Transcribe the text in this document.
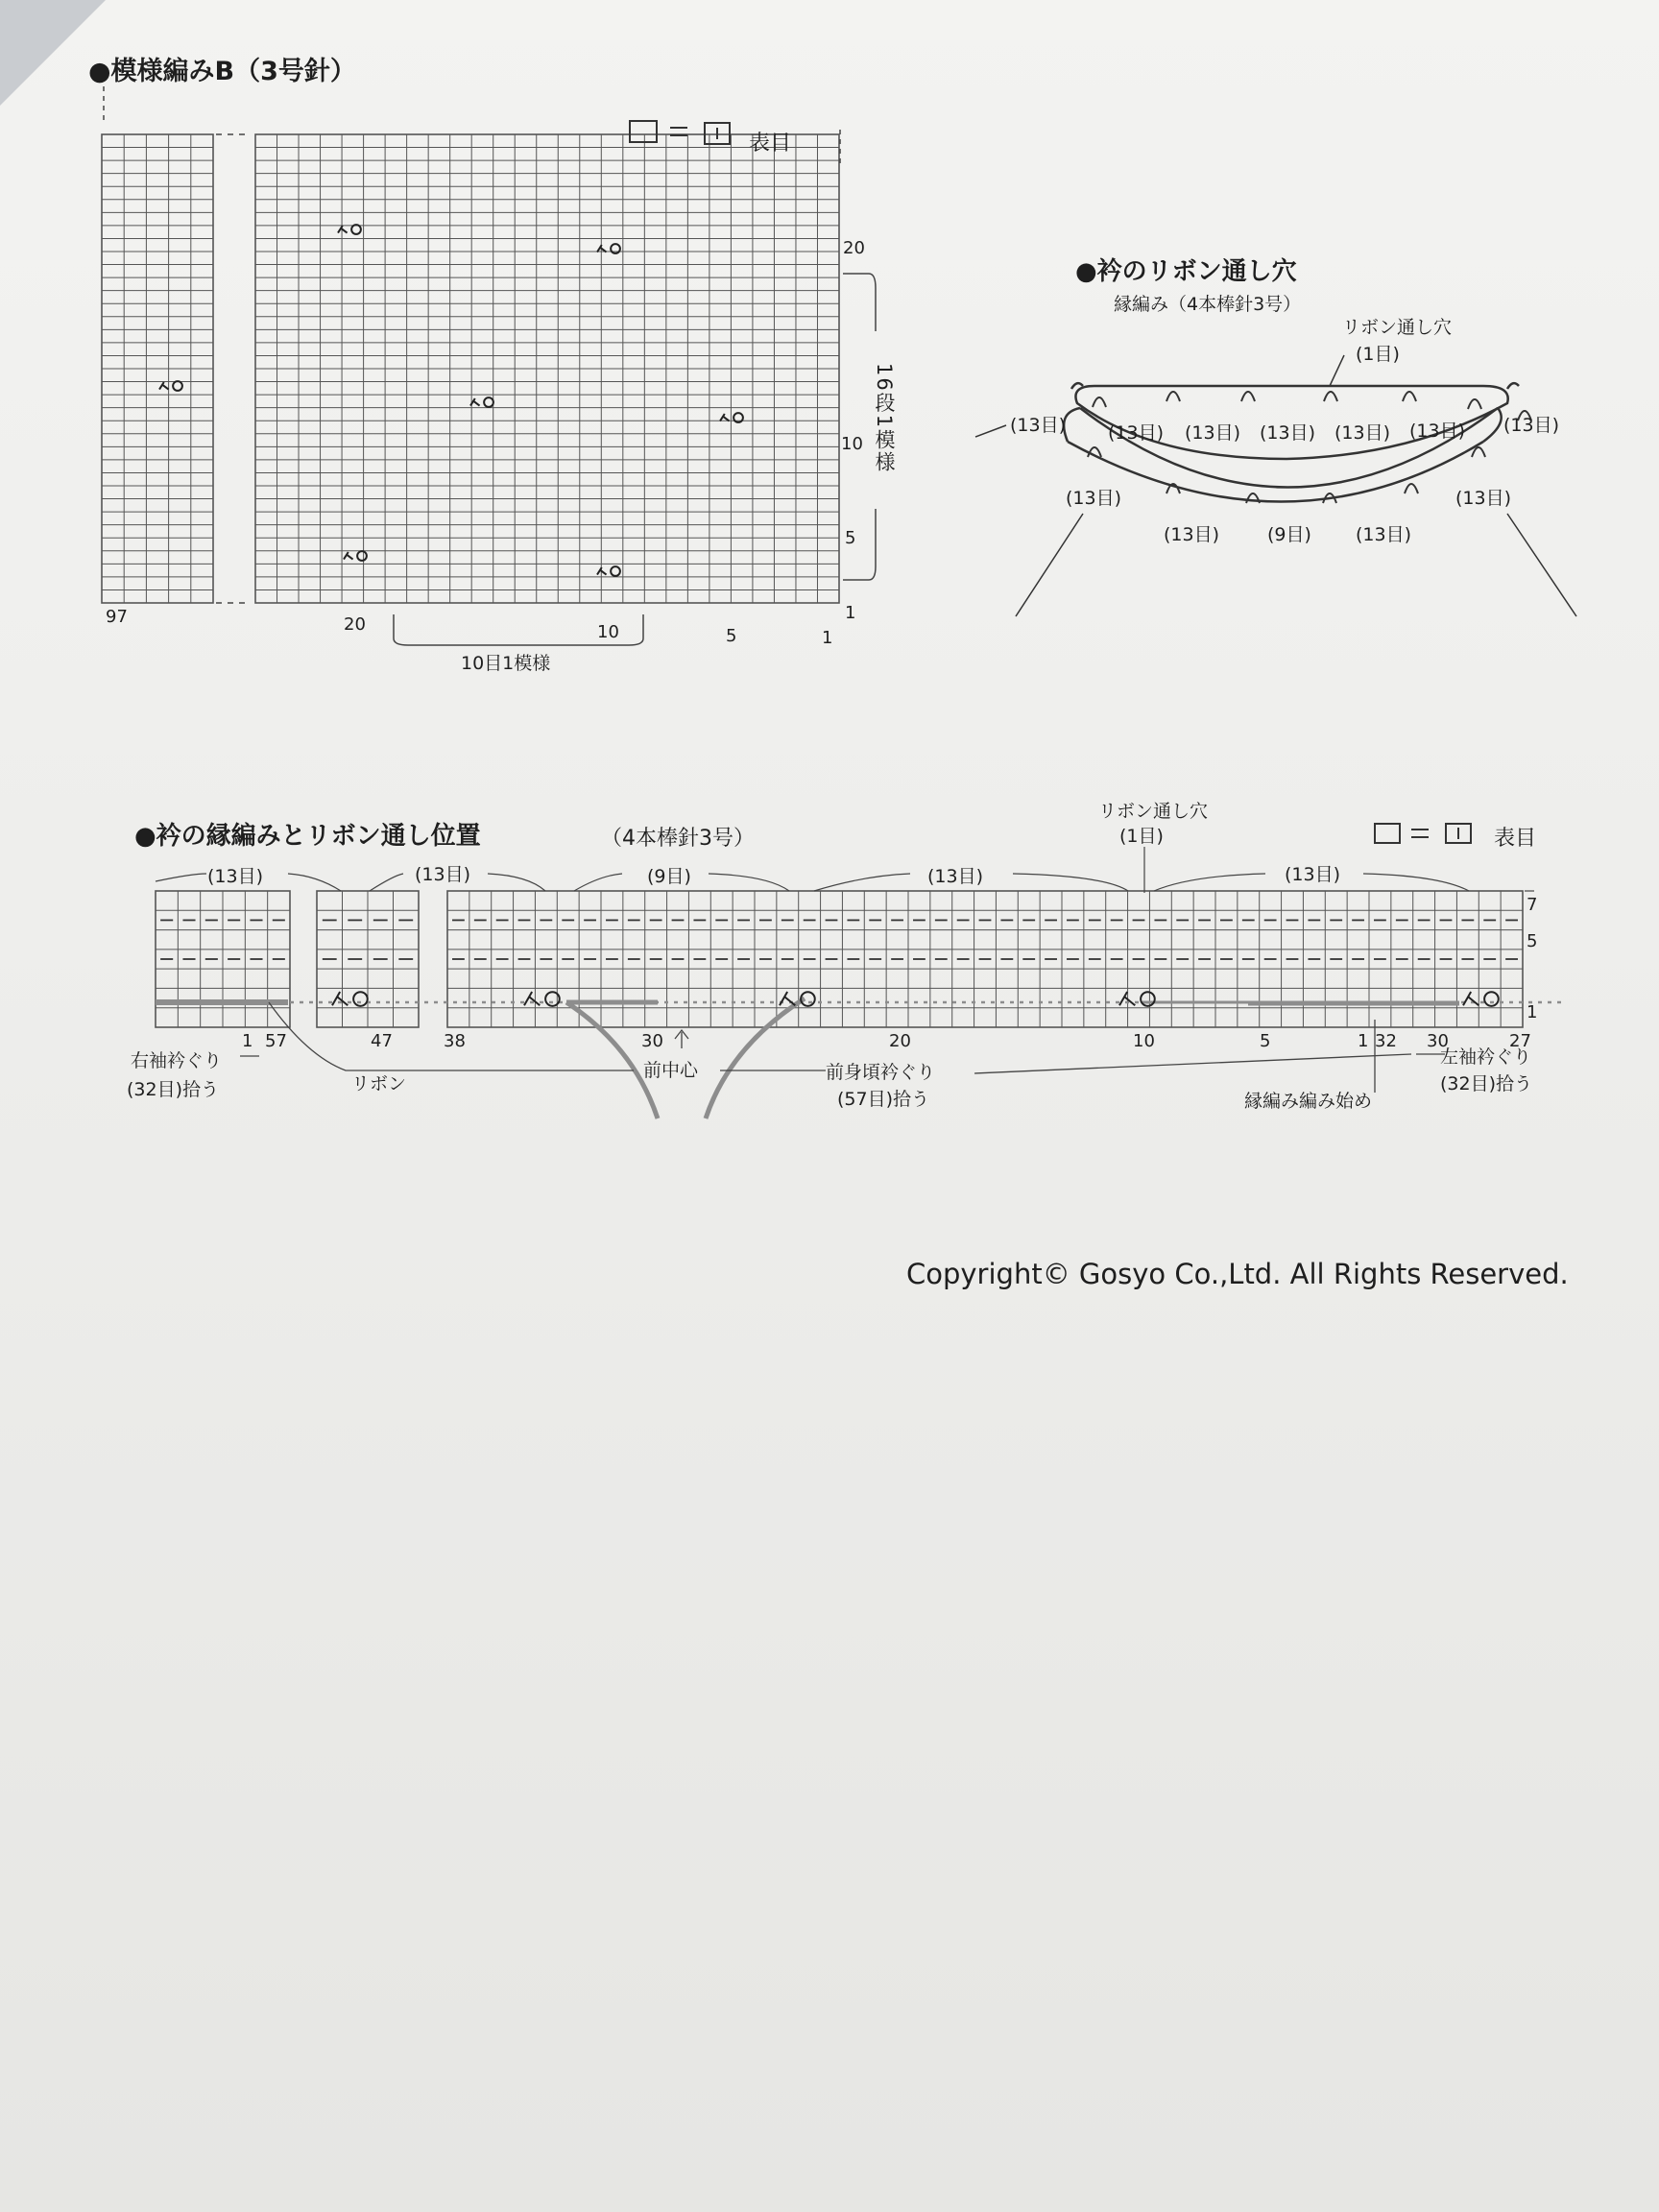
●模様編みB（3号針）
表目
20
10
5
1
16段1模様
97	20	10	5	1
10目1模様
●衿のリボン通し穴
縁編み（4本棒針3号）
リボン通し穴
(1目)
(13目)	(13目)
(13目) (13目) (13目) (13目) (13目)
(13目)
(13目)	(9目) (13目)
(13目)
●衿の縁編みとリボン通し位置	（4本棒針3号）
リボン通し穴
(1目)	表目
(13目)	(13目)	(9目)	(13目)	(13目)
7
5
1
1 57	47	38	30	20	10	5	1 32 30	27
右袖衿ぐり
(32目)拾う	リボン
前中心	前身頃衿ぐり
(57目)拾う
左袖衿ぐり
(32目)拾う
縁編み編み始め
Copyright© Gosyo Co.,Ltd. All Rights Reserved.
